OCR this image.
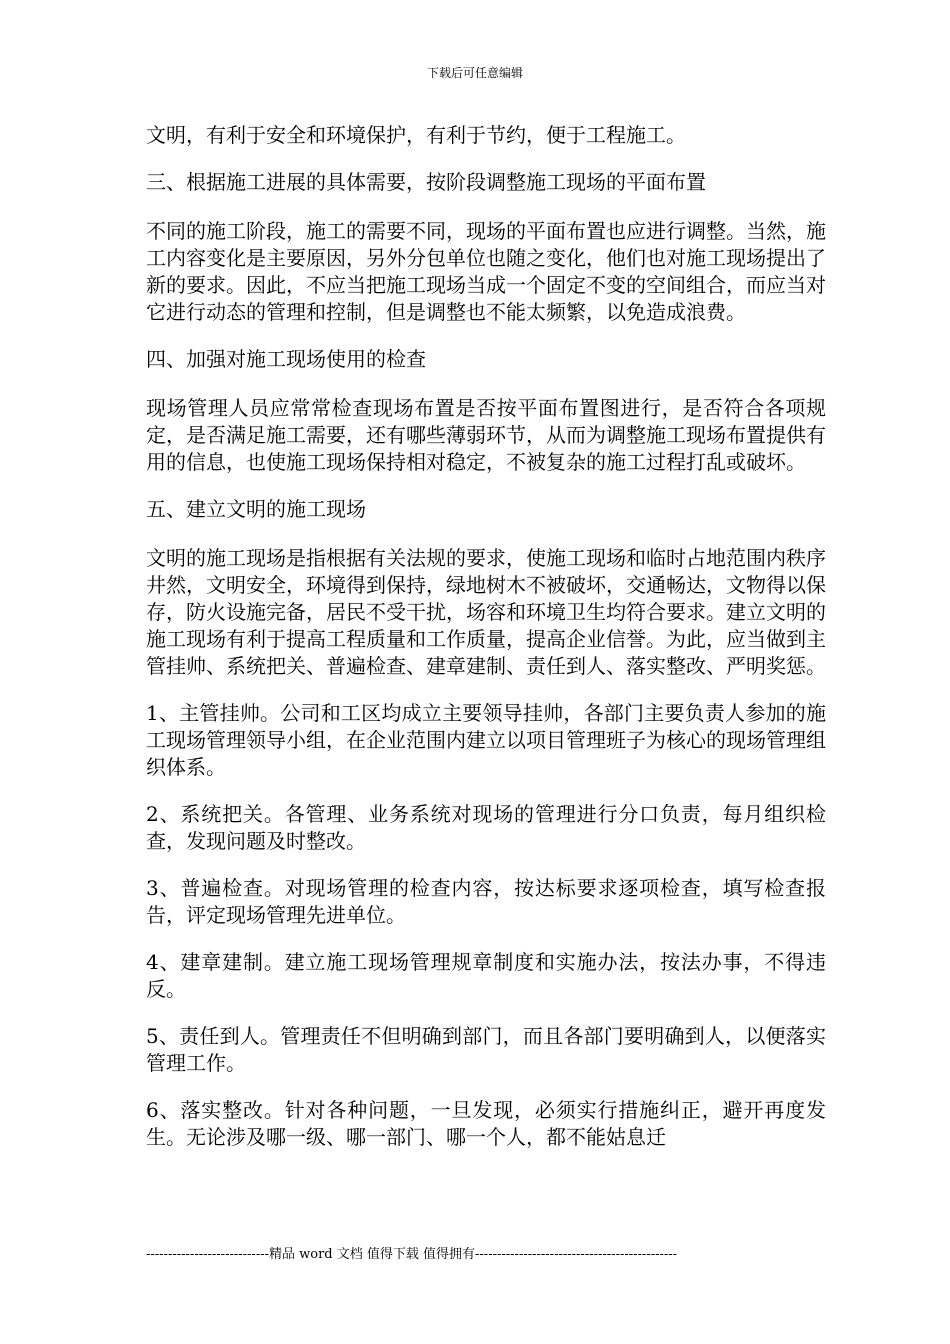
下载后可任意编辑

文明，有利于安全和环境保护，有利于节约，便于工程施工。

三、根据施工进展的具体需要，按阶段调整施工现场的平面布置

不同的施工阶段，施工的需要不同，现场的平面布置也应进行调整。当然，施工内容变化是主要原因，另外分包单位也随之变化，他们也对施工现场提出了新的要求。因此，不应当把施工现场当成一个固定不变的空间组合，而应当对它进行动态的管理和控制，但是调整也不能太频繁，以免造成浪费。

四、加强对施工现场使用的检查

现场管理人员应常常检查现场布置是否按平面布置图进行，是否符合各项规定，是否满足施工需要，还有哪些薄弱环节，从而为调整施工现场布置提供有用的信息，也使施工现场保持相对稳定，不被复杂的施工过程打乱或破坏。

五、建立文明的施工现场

文明的施工现场是指根据有关法规的要求，使施工现场和临时占地范围内秩序井然，文明安全，环境得到保持，绿地树木不被破坏，交通畅达，文物得以保存，防火设施完备，居民不受干扰，场容和环境卫生均符合要求。建立文明的施工现场有利于提高工程质量和工作质量，提高企业信誉。为此，应当做到主管挂帅、系统把关、普遍检查、建章建制、责任到人、落实整改、严明奖惩。

1、主管挂帅。公司和工区均成立主要领导挂帅，各部门主要负责人参加的施工现场管理领导小组，在企业范围内建立以项目管理班子为核心的现场管理组织体系。

2、系统把关。各管理、业务系统对现场的管理进行分口负责，每月组织检查，发现问题及时整改。

3、普遍检查。对现场管理的检查内容，按达标要求逐项检查，填写检查报告，评定现场管理先进单位。

4、建章建制。建立施工现场管理规章制度和实施办法，按法办事，不得违反。

5、责任到人。管理责任不但明确到部门，而且各部门要明确到人，以便落实管理工作。

6、落实整改。针对各种问题，一旦发现，必须实行措施纠正，避开再度发生。无论涉及哪一级、哪一部门、哪一个人，都不能姑息迁

----------------------------精品 word 文档 值得下载 值得拥有----------------------------------------------
